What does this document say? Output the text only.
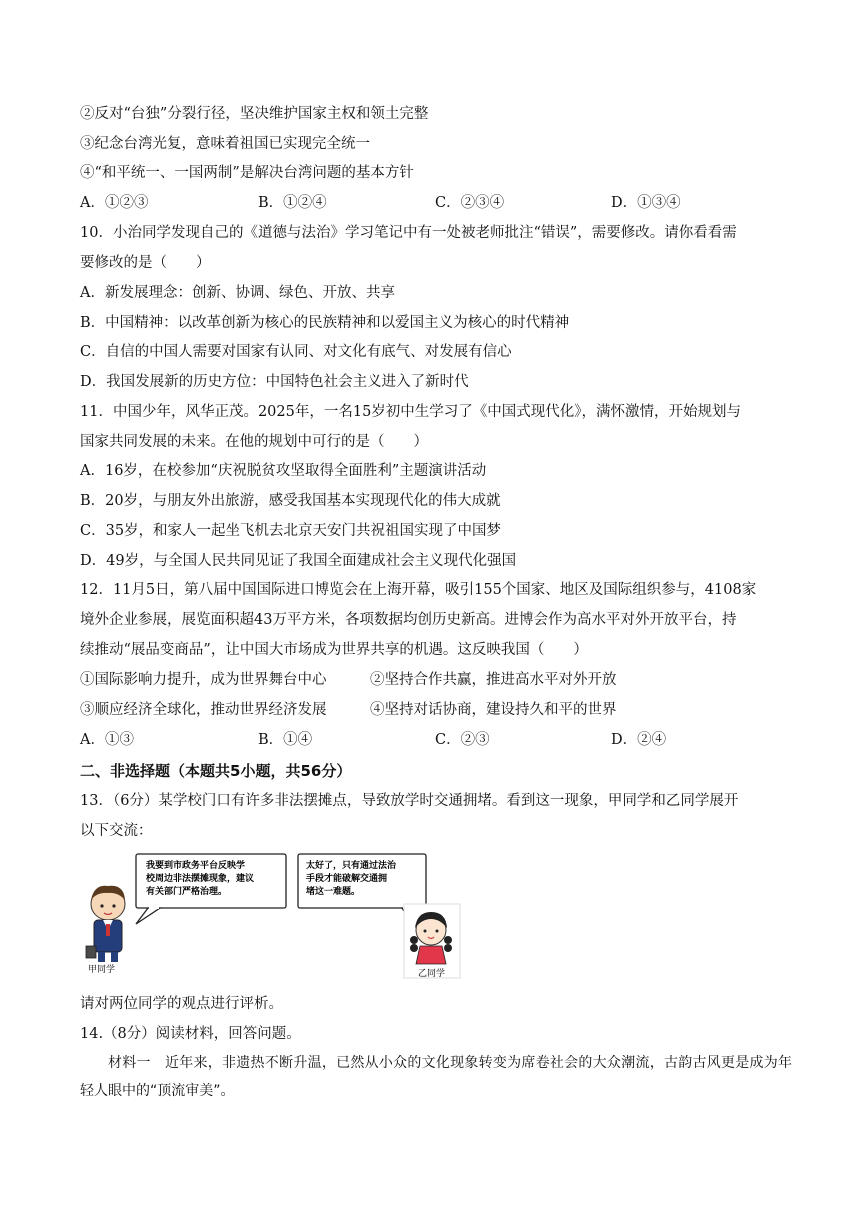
②反对“台独”分裂行径，坚决维护国家主权和领土完整
③纪念台湾光复，意味着祖国已实现完全统一
④“和平统一、一国两制”是解决台湾问题的基本方针
A．①②③	B．①②④	C．②③④	D．①③④
10．小治同学发现自己的《道德与法治》学习笔记中有一处被老师批注“错误”，需要修改。请你看看需
要修改的是（　　）
A．新发展理念：创新、协调、绿色、开放、共享
B．中国精神：以改革创新为核心的民族精神和以爱国主义为核心的时代精神
C．自信的中国人需要对国家有认同、对文化有底气、对发展有信心
D．我国发展新的历史方位：中国特色社会主义进入了新时代
11．中国少年，风华正茂。2025年，一名15岁初中生学习了《中国式现代化》，满怀激情，开始规划与
国家共同发展的未来。在他的规划中可行的是（　　）
A．16岁，在校参加“庆祝脱贫攻坚取得全面胜利”主题演讲活动
B．20岁，与朋友外出旅游，感受我国基本实现现代化的伟大成就
C．35岁，和家人一起坐飞机去北京天安门共祝祖国实现了中国梦
D．49岁，与全国人民共同见证了我国全面建成社会主义现代化强国
12．11月5日，第八届中国国际进口博览会在上海开幕，吸引155个国家、地区及国际组织参与，4108家
境外企业参展，展览面积超43万平方米，各项数据均创历史新高。进博会作为高水平对外开放平台，持
续推动“展品变商品”，让中国大市场成为世界共享的机遇。这反映我国（　　）
①国际影响力提升，成为世界舞台中心	②坚持合作共赢，推进高水平对外开放
③顺应经济全球化，推动世界经济发展	④坚持对话协商，建设持久和平的世界
A．①③	B．①④	C．②③	D．②④
二、非选择题（本题共5小题，共56分）
13．（6分）某学校门口有许多非法摆摊点，导致放学时交通拥堵。看到这一现象，甲同学和乙同学展开
以下交流：
我要到市政务平台反映学
校周边非法摆摊现象，建议
有关部门严格治理。
太好了，只有通过法治
手段才能破解交通拥
堵这一难题。
甲同学	乙同学
请对两位同学的观点进行评析。
14.（8分）阅读材料，回答问题。
材料一　近年来，非遗热不断升温，已然从小众的文化现象转变为席卷社会的大众潮流，古韵古风更是成为年轻人眼中的“顶流审美”。
